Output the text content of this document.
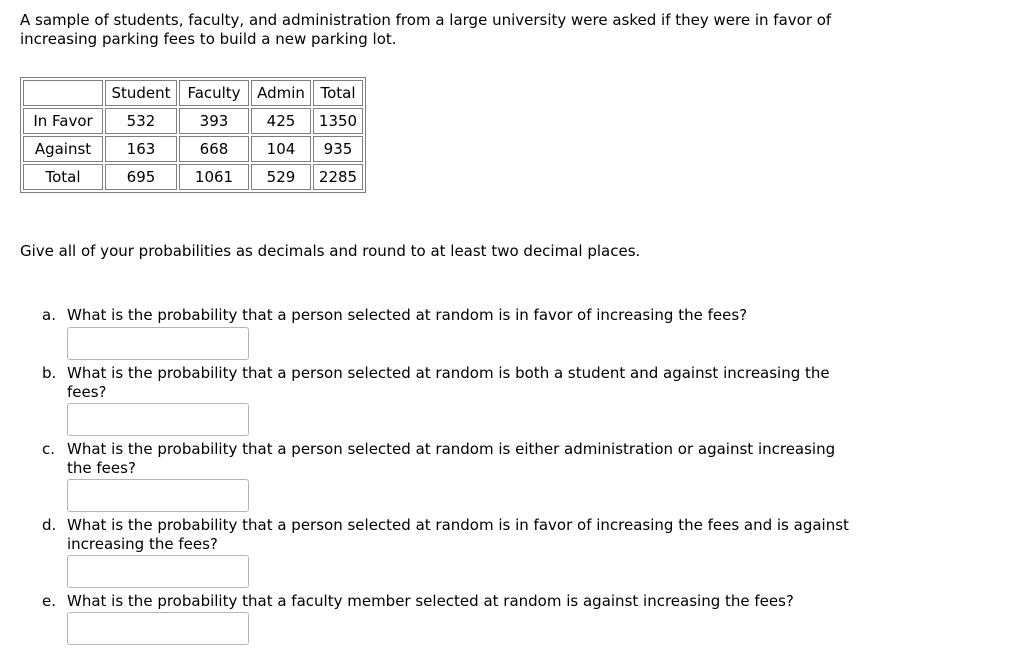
A sample of students, faculty, and administration from a large university were asked if they were in favor of increasing parking fees to build a new parking lot.
	Student	Faculty	Admin	Total
In Favor	532	393	425	1350
Against	163	668	104	935
Total	695	1061	529	2285
Give all of your probabilities as decimals and round to at least two decimal places.
a. What is the probability that a person selected at random is in favor of increasing the fees?
b. What is the probability that a person selected at random is both a student and against increasing the fees?
c. What is the probability that a person selected at random is either administration or against increasing the fees?
d. What is the probability that a person selected at random is in favor of increasing the fees and is against increasing the fees?
e. What is the probability that a faculty member selected at random is against increasing the fees?
